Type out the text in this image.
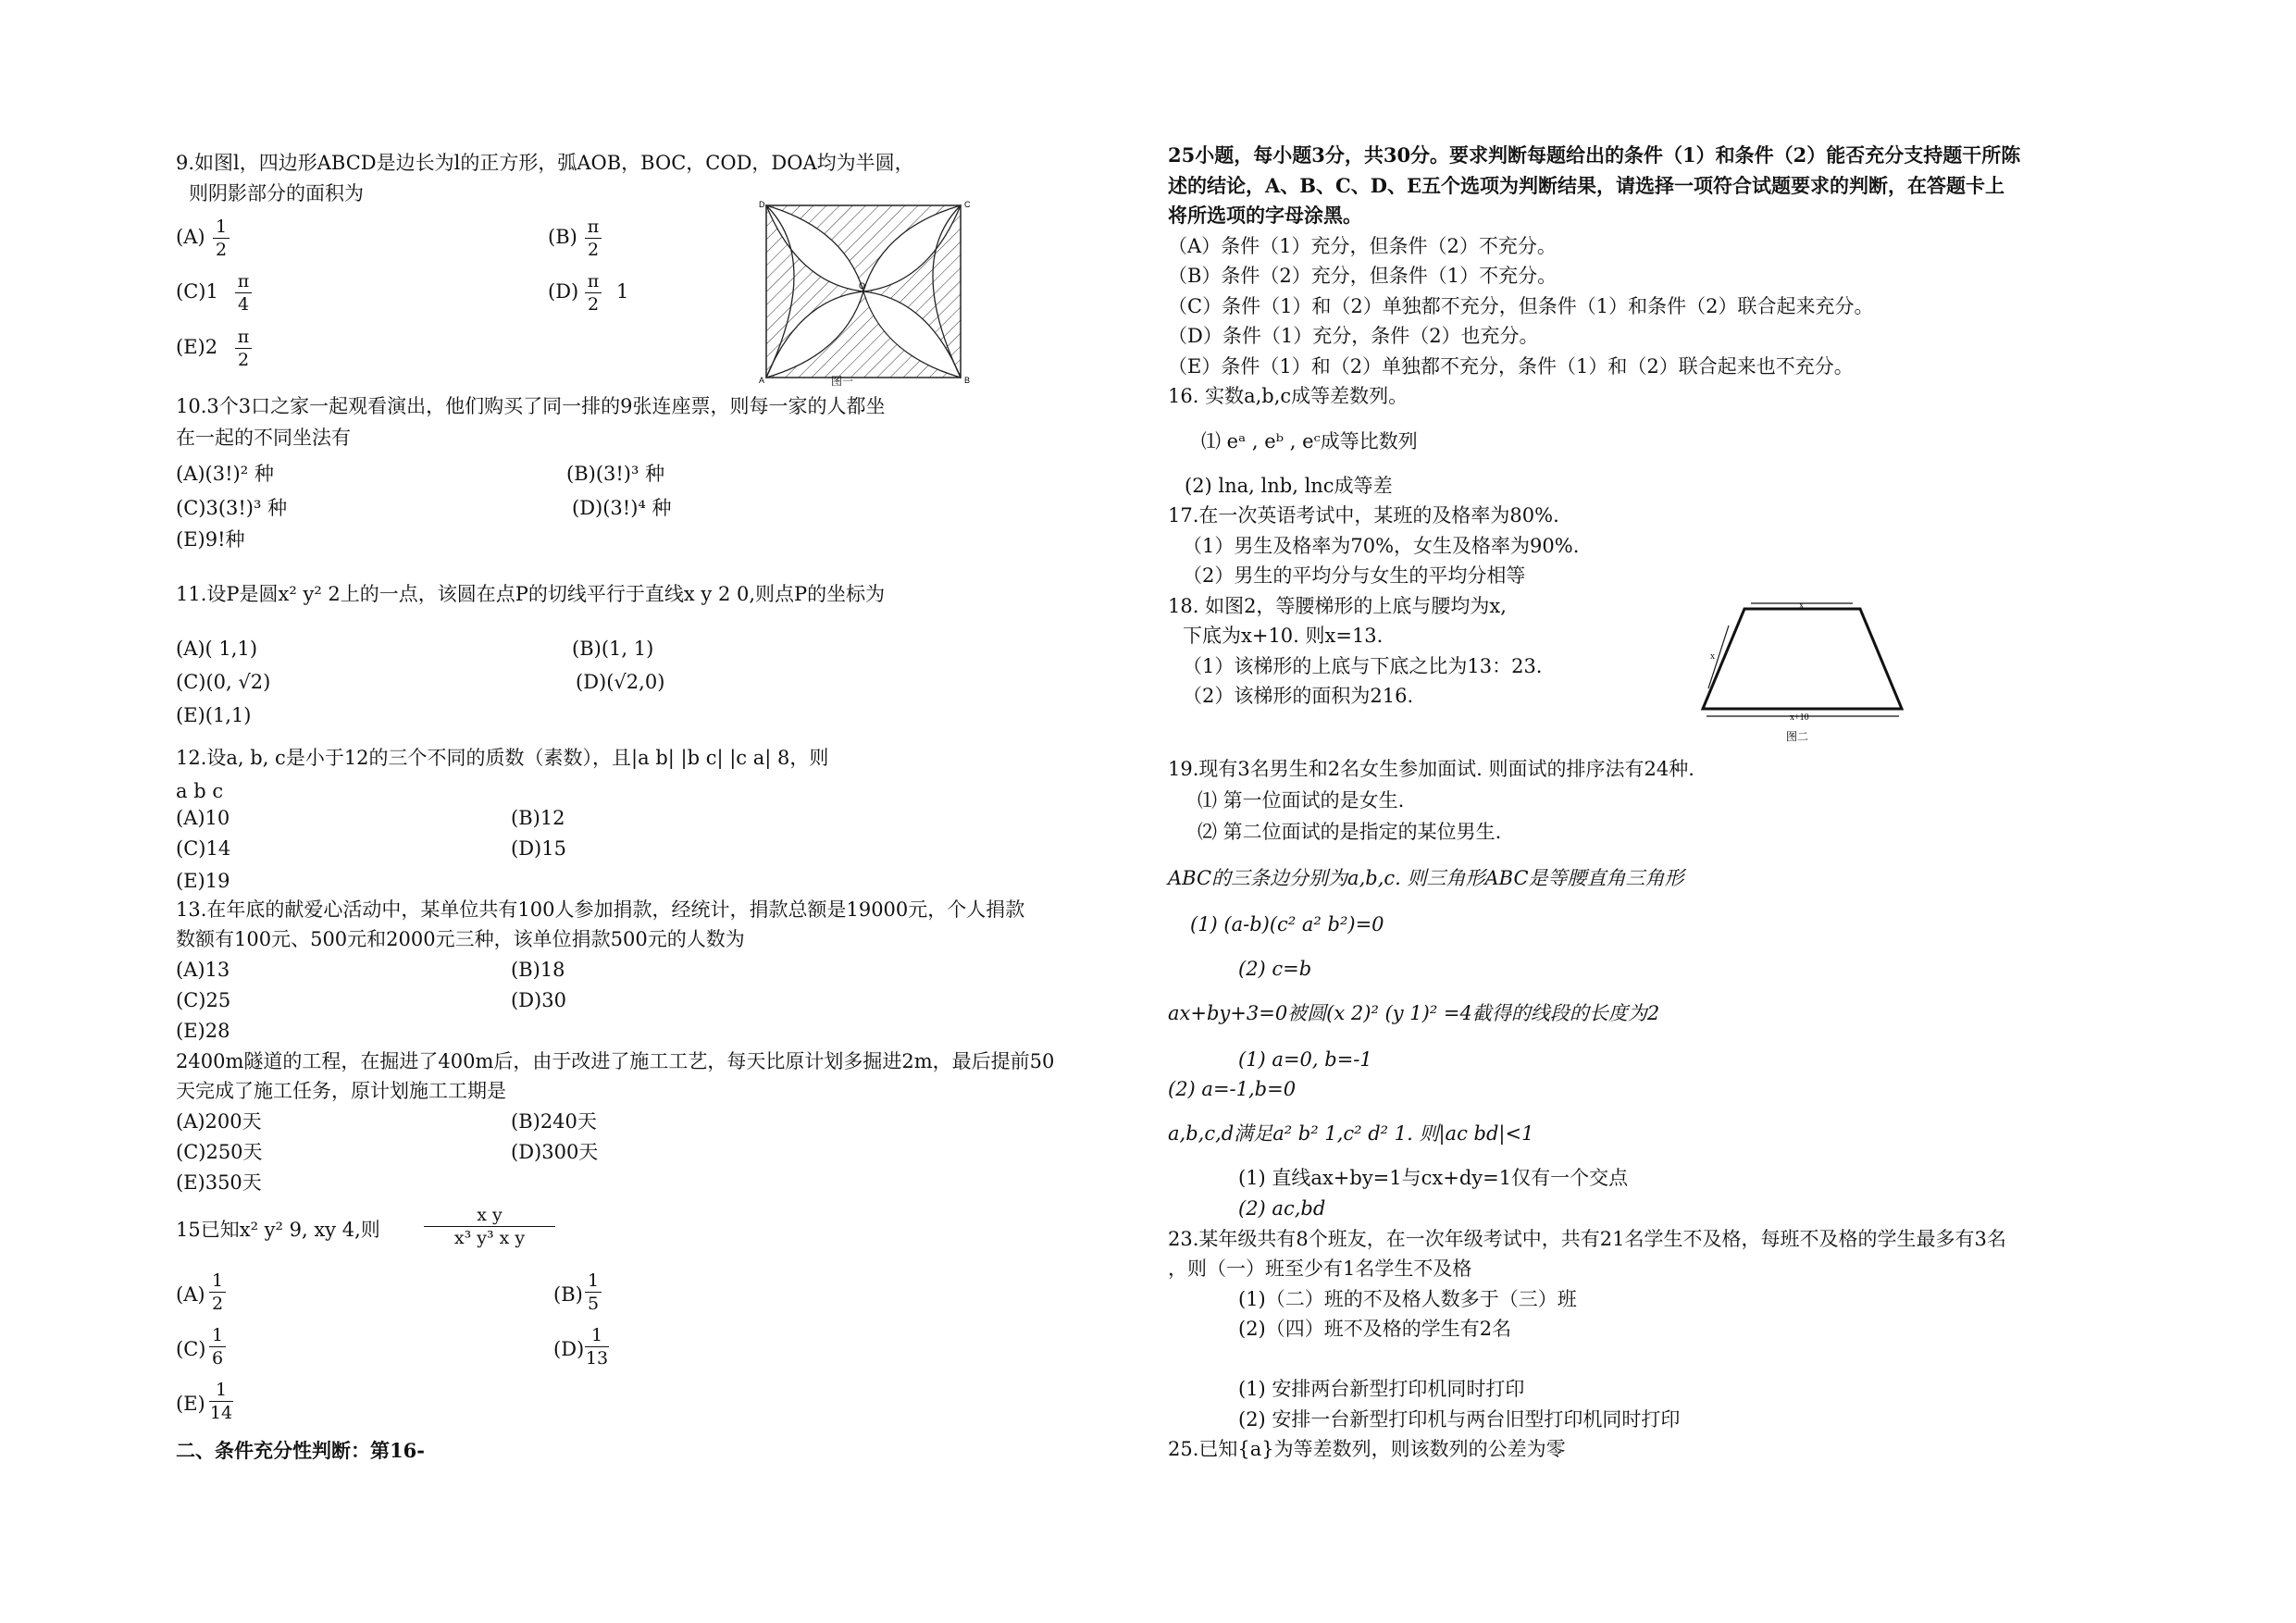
9.如图l，四边形ABCD是边长为l的正方形，弧AOB，BOC，COD，DOA均为半圆，
则阴影部分的面积为
(A) 1
2
(B) π
2
(C)1 π
4
(D) π
2
1
(E)2 π
2
D	C
A	B
O
图一
10.3个3口之家一起观看演出，他们购买了同一排的9张连座票，则每一家的人都坐
在一起的不同坐法有
(A)(3!)² 种	(B)(3!)³ 种
(C)3(3!)³ 种	(D)(3!)⁴ 种
(E)9!种
11.设P是圆x² y² 2上的一点，该圆在点P的切线平行于直线x y 2 0,则点P的坐标为
(A)( 1,1)	(B)(1, 1)
(C)(0, √2)	(D)(√2,0)
(E)(1,1)
12.设a, b, c是小于12的三个不同的质数（素数），且|a b| |b c| |c a| 8，则
a b c
(A)10	(B)12
(C)14	(D)15
(E)19
13.在年底的献爱心活动中，某单位共有100人参加捐款，经统计，捐款总额是19000元，个人捐款
数额有100元、500元和2000元三种，该单位捐款500元的人数为
(A)13	(B)18
(C)25	(D)30
(E)28
2400m隧道的工程，在掘进了400m后，由于改进了施工工艺，每天比原计划多掘进2m，最后提前50
天完成了施工任务，原计划施工工期是
(A)200天	(B)240天
(C)250天	(D)300天
(E)350天
15已知x² y² 9, xy 4,则
x y
x³ y³ x y
(A)
1
2	(B)
1
5
(C)
1
6	(D)
1
13
(E)
1
14
二、条件充分性判断：第16-
25小题，每小题3分，共30分。要求判断每题给出的条件（1）和条件（2）能否充分支持题干所陈
述的结论，A、B、C、D、E五个选项为判断结果，请选择一项符合试题要求的判断，在答题卡上
将所选项的字母涂黑。
（A）条件（1）充分，但条件（2）不充分。
（B）条件（2）充分，但条件（1）不充分。
（C）条件（1）和（2）单独都不充分，但条件（1）和条件（2）联合起来充分。
（D）条件（1）充分，条件（2）也充分。
（E）条件（1）和（2）单独都不充分，条件（1）和（2）联合起来也不充分。
16. 实数a,b,c成等差数列。
⑴ eᵃ , eᵇ , eᶜ成等比数列
(2) lna, lnb, lnc成等差
17.在一次英语考试中，某班的及格率为80%.
（1）男生及格率为70%，女生及格率为90%.
（2）男生的平均分与女生的平均分相等
18. 如图2，等腰梯形的上底与腰均为x,
下底为x+10. 则x=13.
（1）该梯形的上底与下底之比为13：23.
（2）该梯形的面积为216.
x
x
x+10
图二
19.现有3名男生和2名女生参加面试. 则面试的排序法有24种.
⑴ 第一位面试的是女生.
⑵ 第二位面试的是指定的某位男生.
ABC的三条边分别为a,b,c. 则三角形ABC是等腰直角三角形
(1) (a-b)(c² a² b²)=0
(2) c=b
ax+by+3=0被圆(x 2)² (y 1)² =4截得的线段的长度为2
(1) a=0, b=-1
(2) a=-1,b=0
a,b,c,d满足a² b² 1,c² d² 1. 则|ac bd|<1
(1) 直线ax+by=1与cx+dy=1仅有一个交点
(2) ac,bd
23.某年级共有8个班友，在一次年级考试中，共有21名学生不及格，每班不及格的学生最多有3名
，则（一）班至少有1名学生不及格
(1)（二）班的不及格人数多于（三）班
(2)（四）班不及格的学生有2名
(1) 安排两台新型打印机同时打印
(2) 安排一台新型打印机与两台旧型打印机同时打印
25.已知{a}为等差数列，则该数列的公差为零
